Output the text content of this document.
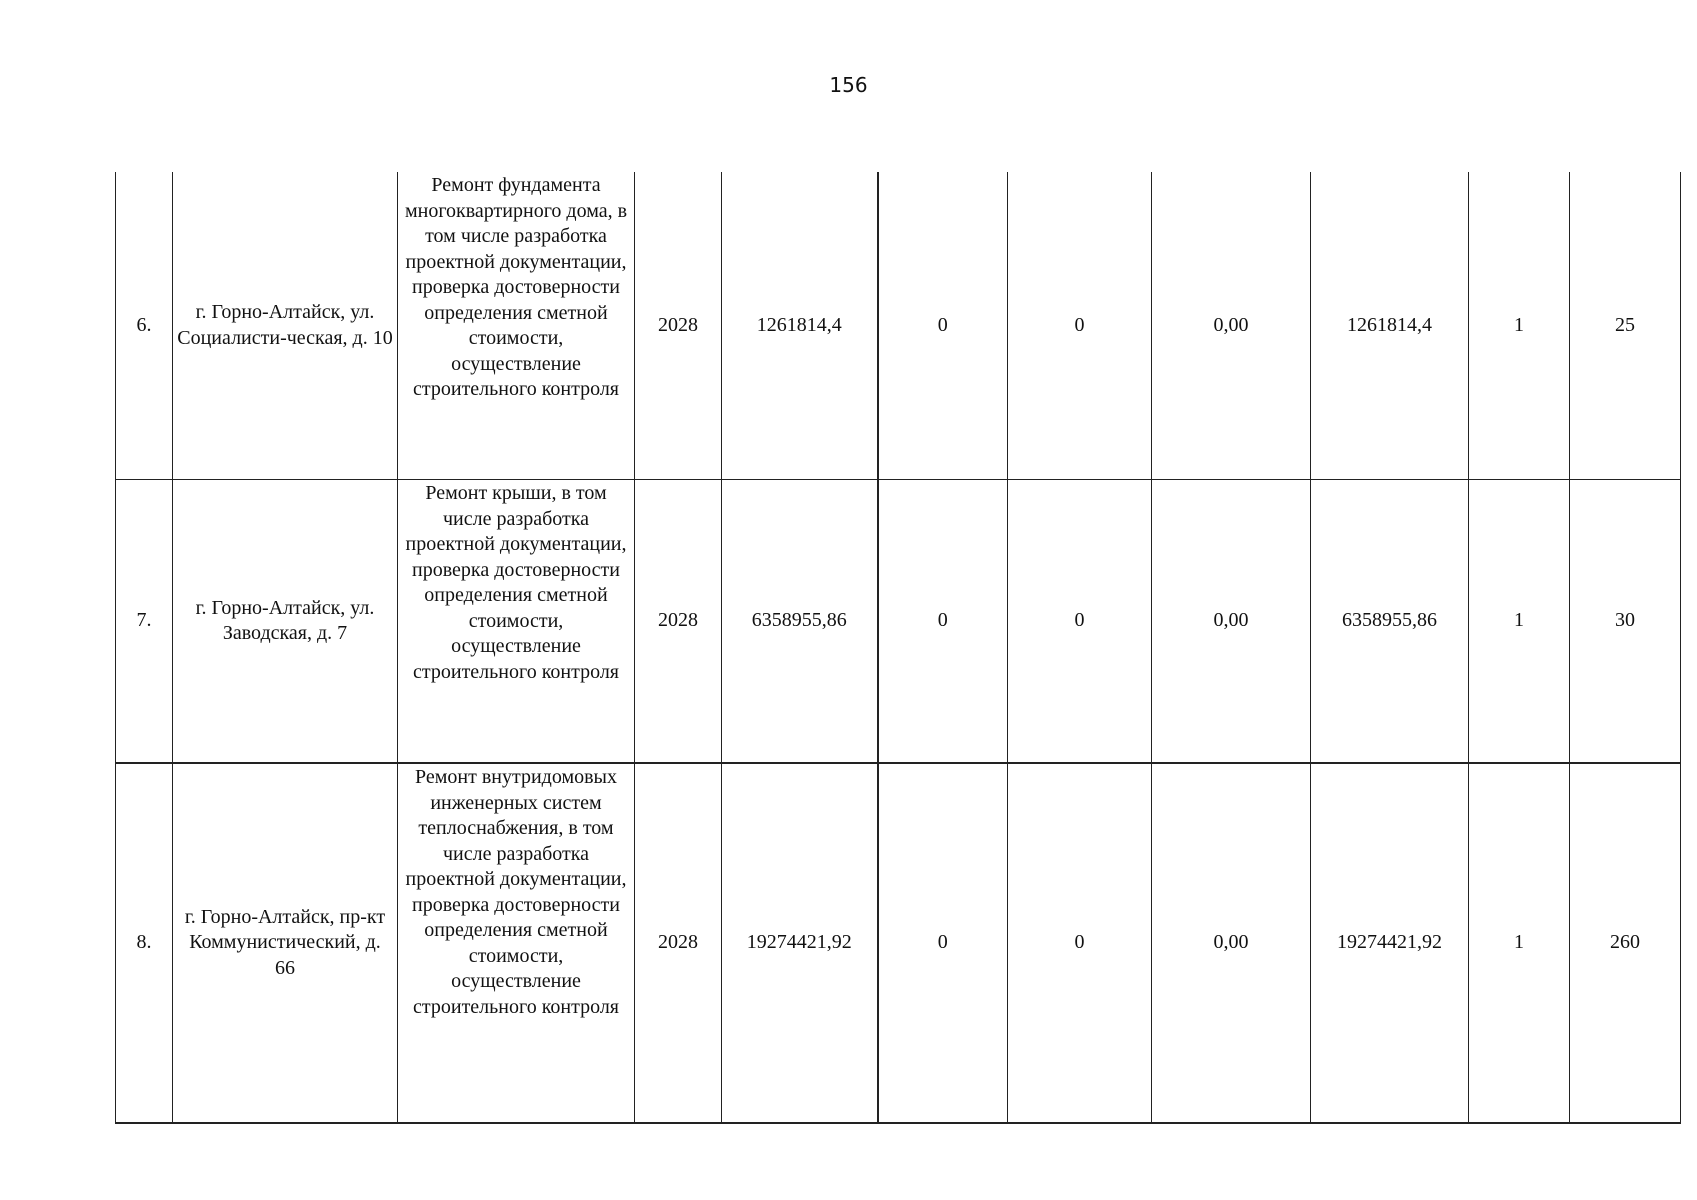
156
6.	г. Горно-Алтайск, ул. Социалисти-ческая, д. 10	Ремонт фундамента многоквартирного дома, в том числе разработка проектной документации, проверка достоверности определения сметной стоимости, осуществление строительного контроля	2028	1261814,4	0	0	0,00	1261814,4	1	25
7.	г. Горно-Алтайск, ул. Заводская, д. 7	Ремонт крыши, в том числе разработка проектной документации, проверка достоверности определения сметной стоимости, осуществление строительного контроля	2028	6358955,86	0	0	0,00	6358955,86	1	30
8.	г. Горно-Алтайск, пр-кт Коммунистический, д. 66	Ремонт внутридомовых инженерных систем теплоснабжения, в том числе разработка проектной документации, проверка достоверности определения сметной стоимости, осуществление строительного контроля	2028	19274421,92	0	0	0,00	19274421,92	1	260
